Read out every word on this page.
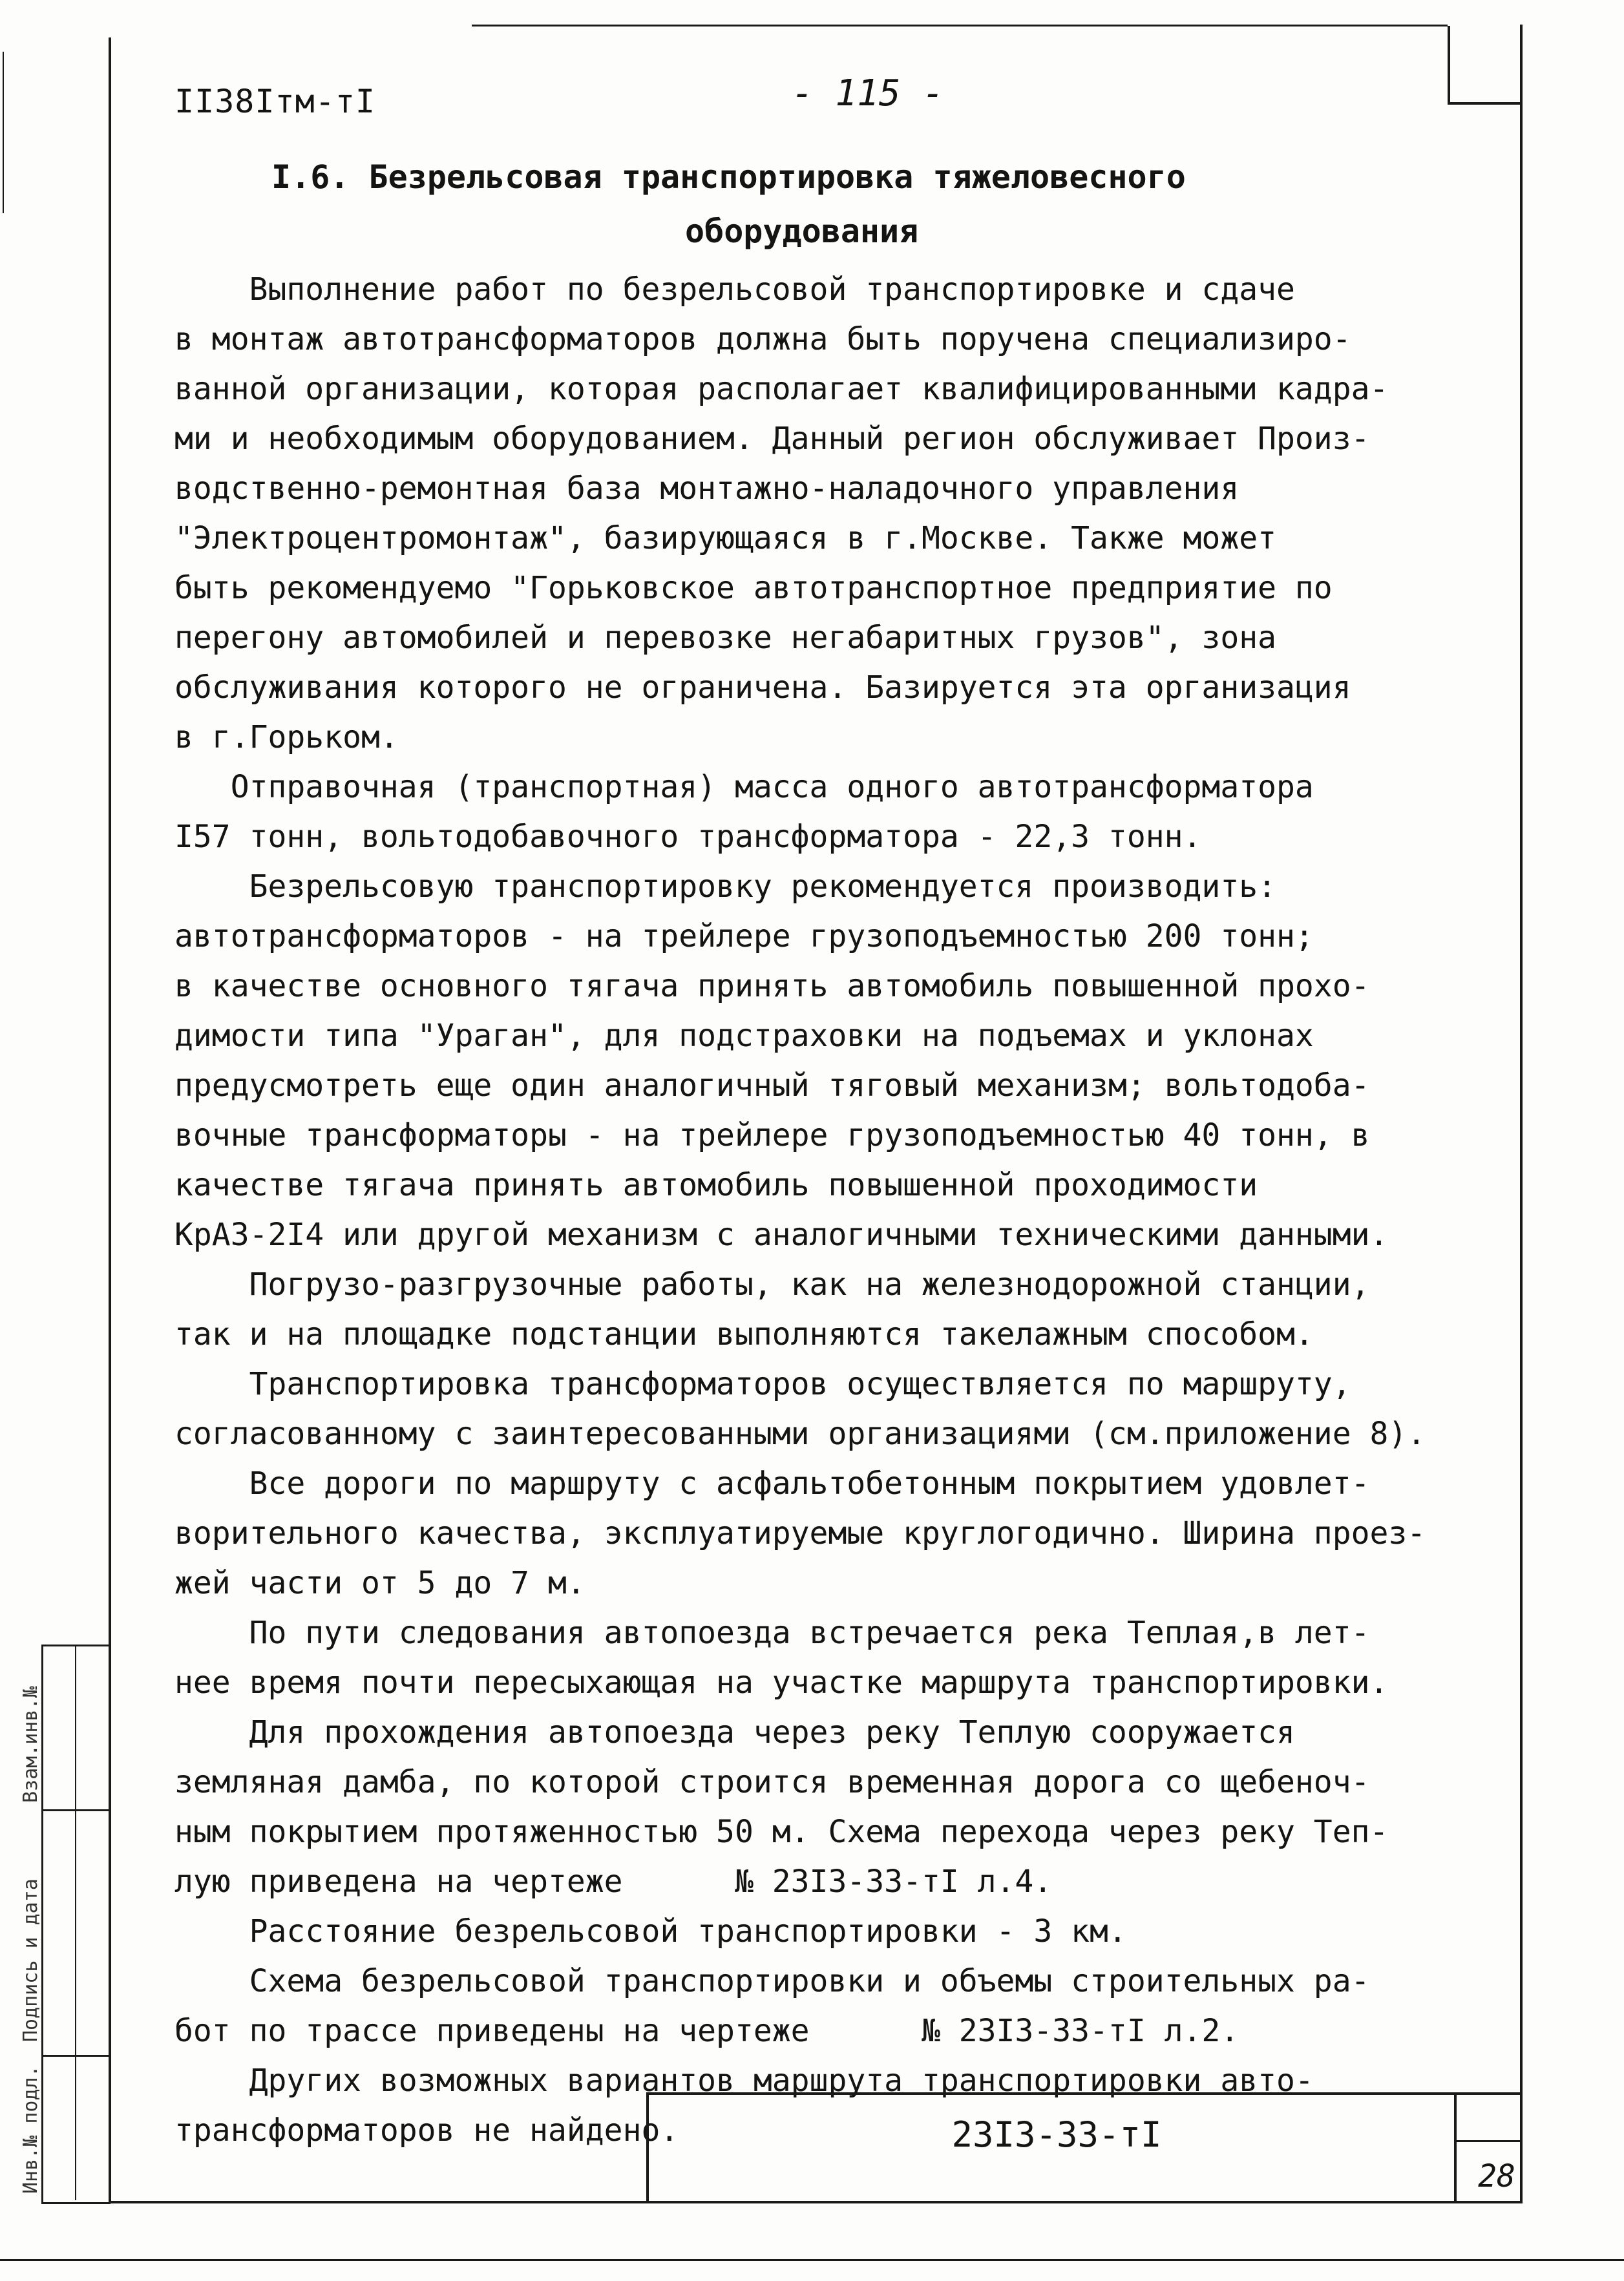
Взам.инв.№
Подпись и дата
Инв.№ подл.
II38Iтм-тI	- 115 -
I.6. Безрельсовая транспортировка тяжеловесного
оборудования

Выполнение работ по безрельсовой транспортировке и сдаче

в монтаж автотрансформаторов должна быть поручена специализиро-

ванной организации, которая располагает квалифицированными кадра-

ми и необходимым оборудованием. Данный регион обслуживает Произ-

водственно-ремонтная база монтажно-наладочного управления

"Электроцентромонтаж", базирующаяся в г.Москве. Также может

быть рекомендуемо "Горьковское автотранспортное предприятие по

перегону автомобилей и перевозке негабаритных грузов", зона

обслуживания которого не ограничена. Базируется эта организация

в г.Горьком.

Отправочная (транспортная) масса одного автотрансформатора

I57 тонн, вольтодобавочного трансформатора - 22,3 тонн.

Безрельсовую транспортировку рекомендуется производить:

автотрансформаторов - на трейлере грузоподъемностью 200 тонн;

в качестве основного тягача принять автомобиль повышенной прохо-

димости типа "Ураган", для подстраховки на подъемах и уклонах

предусмотреть еще один аналогичный тяговый механизм; вольтодоба-

вочные трансформаторы - на трейлере грузоподъемностью 40 тонн, в

качестве тягача принять автомобиль повышенной проходимости

КрАЗ-2I4 или другой механизм с аналогичными техническими данными.

Погрузо-разгрузочные работы, как на железнодорожной станции,

так и на площадке подстанции выполняются такелажным способом.

Транспортировка трансформаторов осуществляется по маршруту,

согласованному с заинтересованными организациями (см.приложение 8).

Все дороги по маршруту с асфальтобетонным покрытием удовлет-

ворительного качества, эксплуатируемые круглогодично. Ширина проез-

жей части от 5 до 7 м.

По пути следования автопоезда встречается река Теплая,в лет-

нее время почти пересыхающая на участке маршрута транспортировки.

Для прохождения автопоезда через реку Теплую сооружается

земляная дамба, по которой строится временная дорога со щебеноч-

ным покрытием протяженностью 50 м. Схема перехода через реку Теп-

лую приведена на чертеже      № 23I3-33-тI л.4.

Расстояние безрельсовой транспортировки - 3 км.

Схема безрельсовой транспортировки и объемы строительных ра-

бот по трассе приведены на чертеже      № 23I3-33-тI л.2.

Других возможных вариантов маршрута транспортировки авто-

трансформаторов не найдено.	23I3-33-тI
28
